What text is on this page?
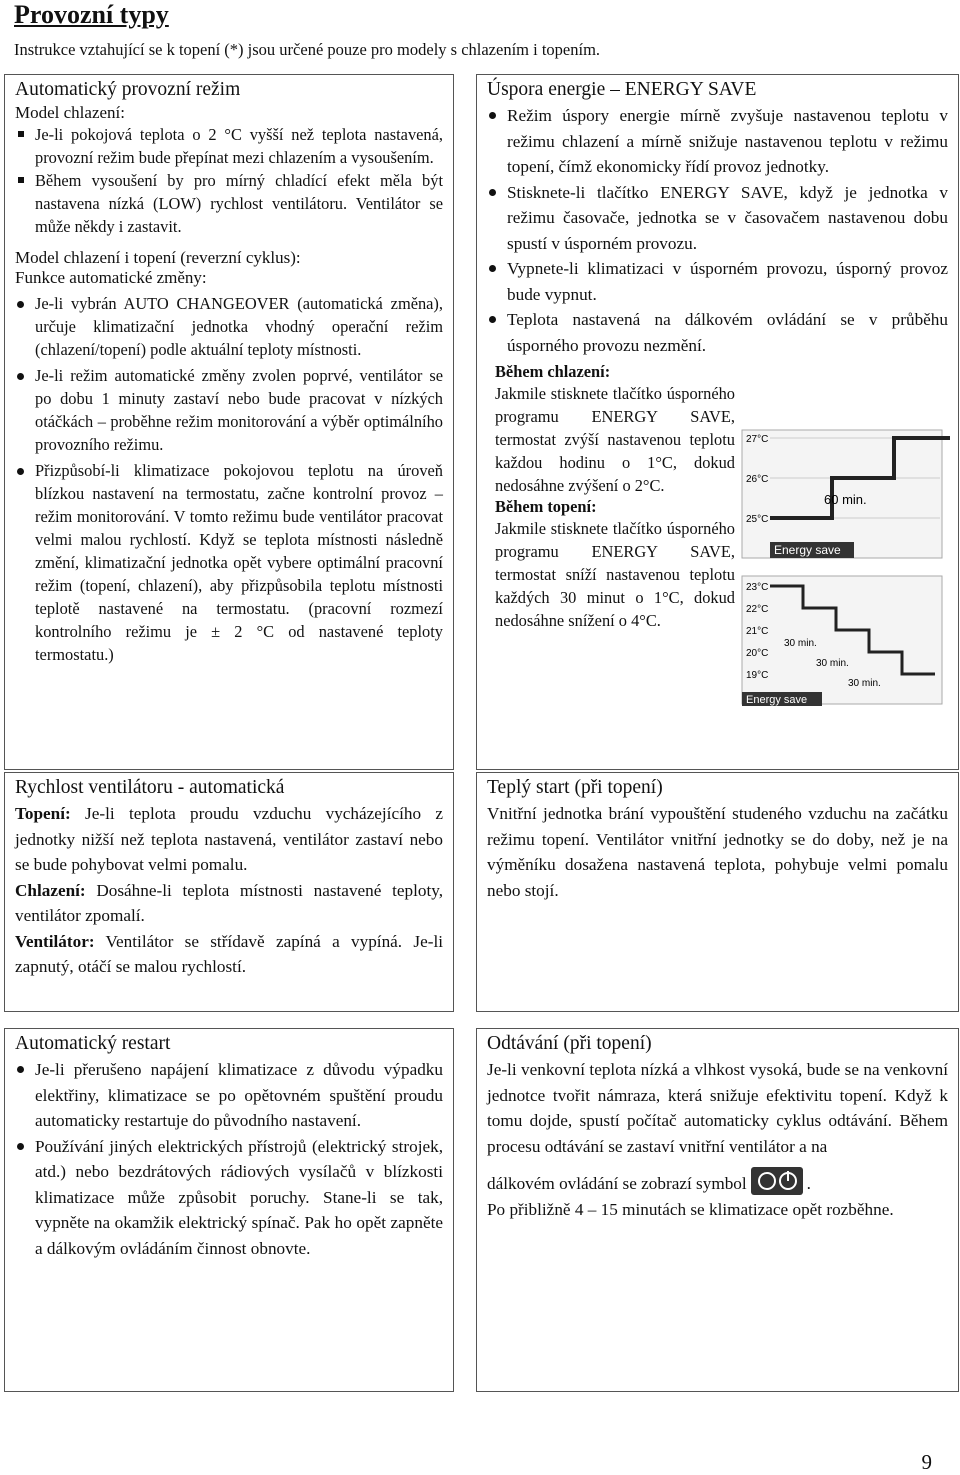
Provozní typy
Instrukce vztahující se k topení (*) jsou určené pouze pro modely s chlazením i topením.
Automatický provozní režim
Model chlazení:
Je-li pokojová teplota o 2 °C vyšší než teplota nastavená, provozní režim bude přepínat mezi chlazením a vysoušením.
Během vysoušení by pro mírný chladící efekt měla být nastavena nízká (LOW) rychlost ventilátoru. Ventilátor se může někdy i zastavit.
Model chlazení i topení (reverzní cyklus):
Funkce automatické změny:
Je-li vybrán AUTO CHANGEOVER (automatická změna), určuje klimatizační jednotka vhodný operační režim (chlazení/topení) podle aktuální teploty místnosti.
Je-li režim automatické změny zvolen poprvé, ventilátor se po dobu 1 minuty zastaví nebo bude pracovat v nízkých otáčkách – proběhne režim monitorování a výběr optimálního provozního režimu.
Přizpůsobí-li klimatizace pokojovou teplotu na úroveň blízkou nastavení na termostatu, začne kontrolní provoz – režim monitorování. V tomto režimu bude ventilátor pracovat velmi malou rychlostí. Když se teplota místnosti následně změní, klimatizační jednotka opět vybere optimální pracovní režim (topení, chlazení), aby přizpůsobila teplotu místnosti teplotě nastavené na termostatu. (pracovní rozmezí kontrolního režimu je ± 2 °C od nastavené teploty termostatu.)
Úspora energie – ENERGY SAVE
Režim úspory energie mírně zvyšuje nastavenou teplotu v režimu chlazení a mírně snižuje nastavenou teplotu v režimu topení, čímž ekonomicky řídí provoz jednotky.
Stisknete-li tlačítko ENERGY SAVE, když je jednotka v režimu časovače, jednotka se v časovačem nastavenou dobu spustí v úsporném provozu.
Vypnete-li klimatizaci v úsporném provozu, úsporný provoz bude vypnut.
Teplota nastavená na dálkovém ovládání se v průběhu úsporného provozu nezmění.
Během chlazení:
Jakmile stisknete tlačítko úsporného programu ENERGY SAVE, termostat zvýší nastavenou teplotu každou hodinu o 1°C, dokud nedosáhne zvýšení o 2°C.
Během topení:
Jakmile stisknete tlačítko úsporného programu ENERGY SAVE, termostat sníží nastavenou teplotu každých 30 minut o 1°C, dokud nedosáhne snížení o 4°C.
27°C
26°C
25°C
60 min.
Energy save
23°C
22°C
21°C
20°C
19°C
30 min.
30 min.
30 min.
Energy save
Rychlost ventilátoru - automatická

Topení: Je-li teplota proudu vzduchu vycházejícího z jednotky nižší než teplota nastavená, ventilátor zastaví nebo se bude pohybovat velmi pomalu.

Chlazení: Dosáhne-li teplota místnosti nastavené teploty, ventilátor zpomalí.

Ventilátor: Ventilátor se střídavě zapíná a vypíná. Je-li zapnutý, otáčí se malou rychlostí.

Teplý start (při topení)

Vnitřní jednotka brání vypouštění studeného vzduchu na začátku režimu topení. Ventilátor vnitřní jednotky se do doby, než je na výměníku dosažena nastavená teplota, pohybuje velmi pomalu nebo stojí.

Automatický restart
Je-li přerušeno napájení klimatizace z důvodu výpadku elektřiny, klimatizace se po opětovném spuštění proudu automaticky restartuje do původního nastavení.
Používání jiných elektrických přístrojů (elektrický strojek, atd.) nebo bezdrátových rádiových vysílačů v blízkosti klimatizace může způsobit poruchy. Stane-li se tak, vypněte na okamžik elektrický spínač. Pak ho opět zapněte a dálkovým ovládáním činnost obnovte.
Odtávání (při topení)

Je-li venkovní teplota nízká a vlhkost vysoká, bude se na venkovní jednotce tvořit námraza, která snižuje efektivitu topení. Když k tomu dojde, spustí počítač automaticky cyklus odtávání. Během procesu odtávání se zastaví vnitřní ventilátor a na

dálkovém ovládání se zobrazí symbol	.

Po přibližně 4 – 15 minutách se klimatizace opět rozběhne.

9
